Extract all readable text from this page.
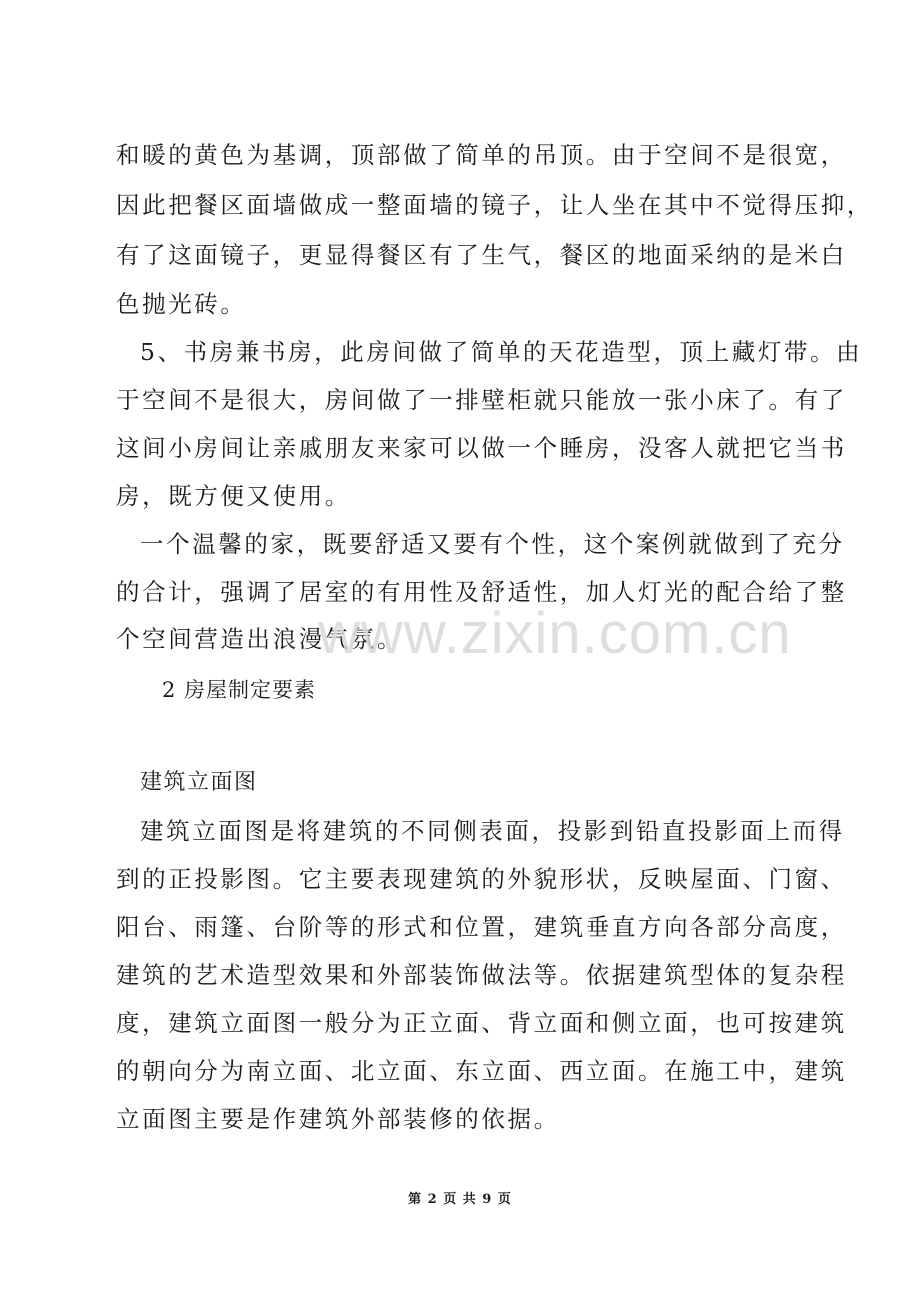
和暖的黄色为基调，顶部做了简单的吊顶。由于空间不是很宽，
因此把餐区面墙做成一整面墙的镜子，让人坐在其中不觉得压抑，
有了这面镜子，更显得餐区有了生气，餐区的地面采纳的是米白
色抛光砖。
5、书房兼书房，此房间做了简单的天花造型，顶上藏灯带。由
于空间不是很大，房间做了一排壁柜就只能放一张小床了。有了
这间小房间让亲戚朋友来家可以做一个睡房，没客人就把它当书
房，既方便又使用。
一个温馨的家，既要舒适又要有个性，这个案例就做到了充分
的合计，强调了居室的有用性及舒适性，加人灯光的配合给了整
个空间营造出浪漫气氛。
www.zixin.com.cn
2 房屋制定要素
建筑立面图
建筑立面图是将建筑的不同侧表面，投影到铅直投影面上而得
到的正投影图。它主要表现建筑的外貌形状，反映屋面、门窗、
阳台、雨篷、台阶等的形式和位置，建筑垂直方向各部分高度，
建筑的艺术造型效果和外部装饰做法等。依据建筑型体的复杂程
度，建筑立面图一般分为正立面、背立面和侧立面，也可按建筑
的朝向分为南立面、北立面、东立面、西立面。在施工中，建筑
立面图主要是作建筑外部装修的依据。
第 2 页 共 9 页
